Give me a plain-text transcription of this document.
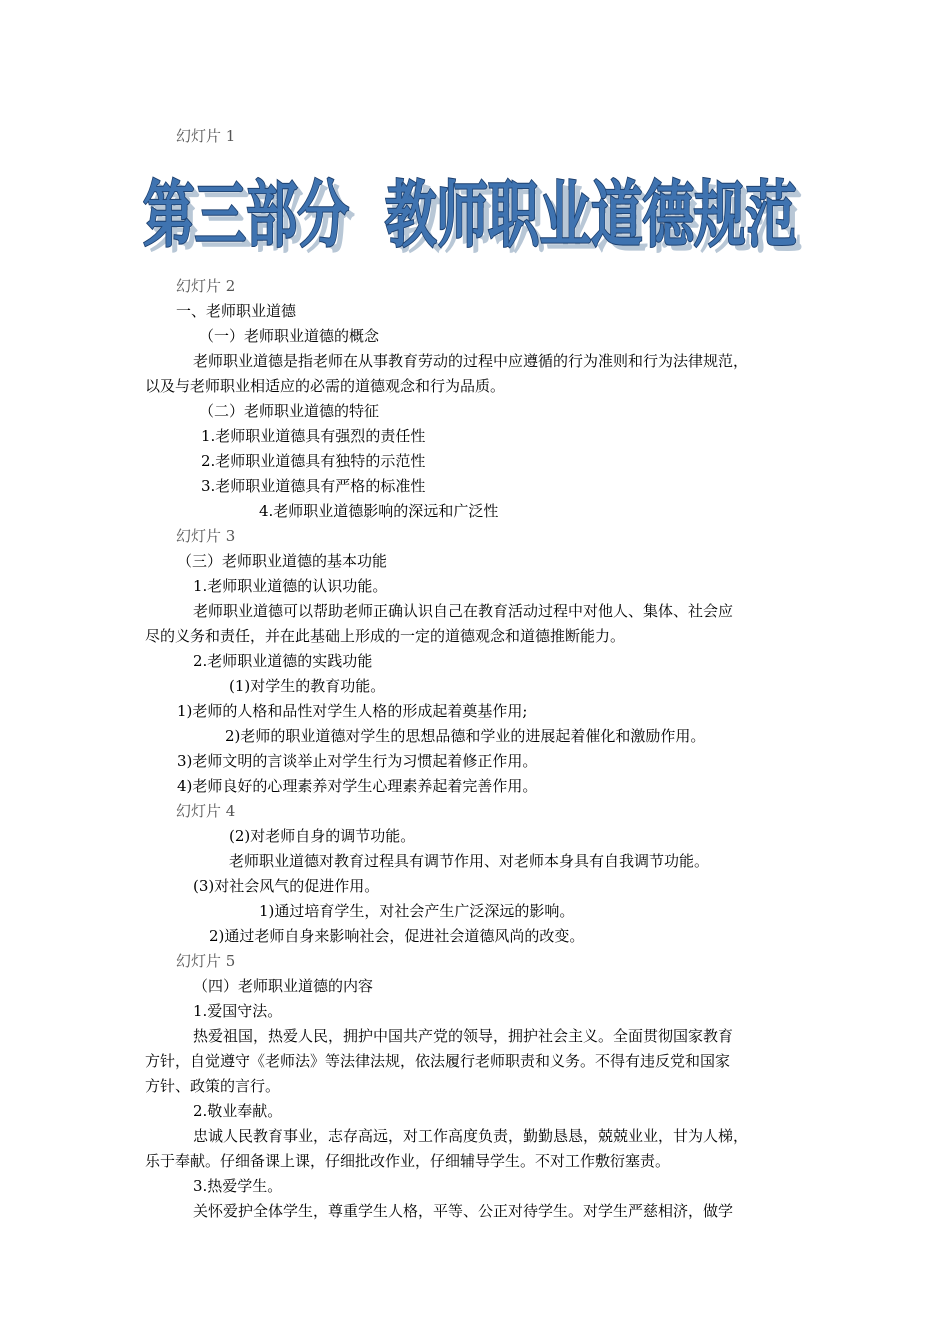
幻灯片 1
第三部分  教师职业道德规范
第三部分  教师职业道德规范
幻灯片 2
一、老师职业道德
（一）老师职业道德的概念
老师职业道德是指老师在从事教育劳动的过程中应遵循的行为准则和行为法律规范，
以及与老师职业相适应的必需的道德观念和行为品质。
（二）老师职业道德的特征
1.老师职业道德具有强烈的责任性
2.老师职业道德具有独特的示范性
3.老师职业道德具有严格的标准性
4.老师职业道德影响的深远和广泛性
幻灯片 3
（三）老师职业道德的基本功能
1.老师职业道德的认识功能。
老师职业道德可以帮助老师正确认识自己在教育活动过程中对他人、集体、社会应
尽的义务和责任，并在此基础上形成的一定的道德观念和道德推断能力。
2.老师职业道德的实践功能
(1)对学生的教育功能。
1)老师的人格和品性对学生人格的形成起着奠基作用;
2)老师的职业道德对学生的思想品德和学业的进展起着催化和激励作用。
3)老师文明的言谈举止对学生行为习惯起着修正作用。
4)老师良好的心理素养对学生心理素养起着完善作用。
幻灯片 4
(2)对老师自身的调节功能。
老师职业道德对教育过程具有调节作用、对老师本身具有自我调节功能。
(3)对社会风气的促进作用。
1)通过培育学生，对社会产生广泛深远的影响。
2)通过老师自身来影响社会，促进社会道德风尚的改变。
幻灯片 5
（四）老师职业道德的内容
1.爱国守法。
热爱祖国，热爱人民，拥护中国共产党的领导，拥护社会主义。全面贯彻国家教育
方针，自觉遵守《老师法》等法律法规，依法履行老师职责和义务。不得有违反党和国家
方针、政策的言行。
2.敬业奉献。
忠诚人民教育事业，志存高远，对工作高度负责，勤勤恳恳，兢兢业业，甘为人梯，
乐于奉献。仔细备课上课，仔细批改作业，仔细辅导学生。不对工作敷衍塞责。
3.热爱学生。
关怀爱护全体学生，尊重学生人格，平等、公正对待学生。对学生严慈相济，做学
